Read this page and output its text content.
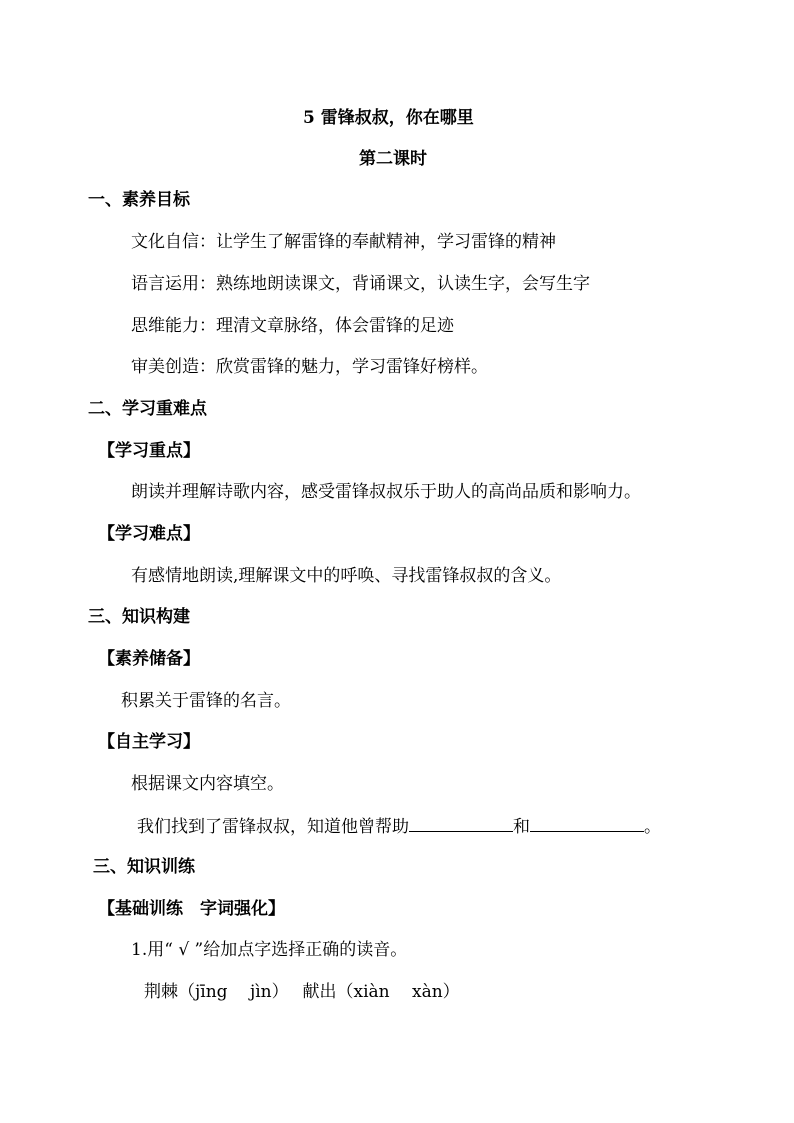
5 雷锋叔叔，你在哪里
第二课时
一、素养目标
文化自信：让学生了解雷锋的奉献精神，学习雷锋的精神
语言运用：熟练地朗读课文，背诵课文，认读生字，会写生字
思维能力：理清文章脉络，体会雷锋的足迹
审美创造：欣赏雷锋的魅力，学习雷锋好榜样。
二、学习重难点
【学习重点】
朗读并理解诗歌内容，感受雷锋叔叔乐于助人的高尚品质和影响力。
【学习难点】
有感情地朗读,理解课文中的呼唤、寻找雷锋叔叔的含义。
三、知识构建
【素养储备】
积累关于雷锋的名言。
【自主学习】
根据课文内容填空。
我们找到了雷锋叔叔，知道他曾帮助	和	。
三、知识训练
【基础训练　字词强化】
1.用“ √ ”给加点字选择正确的读音。
荆棘（jīng　 jìn）　 献出（xiàn　 xàn）
